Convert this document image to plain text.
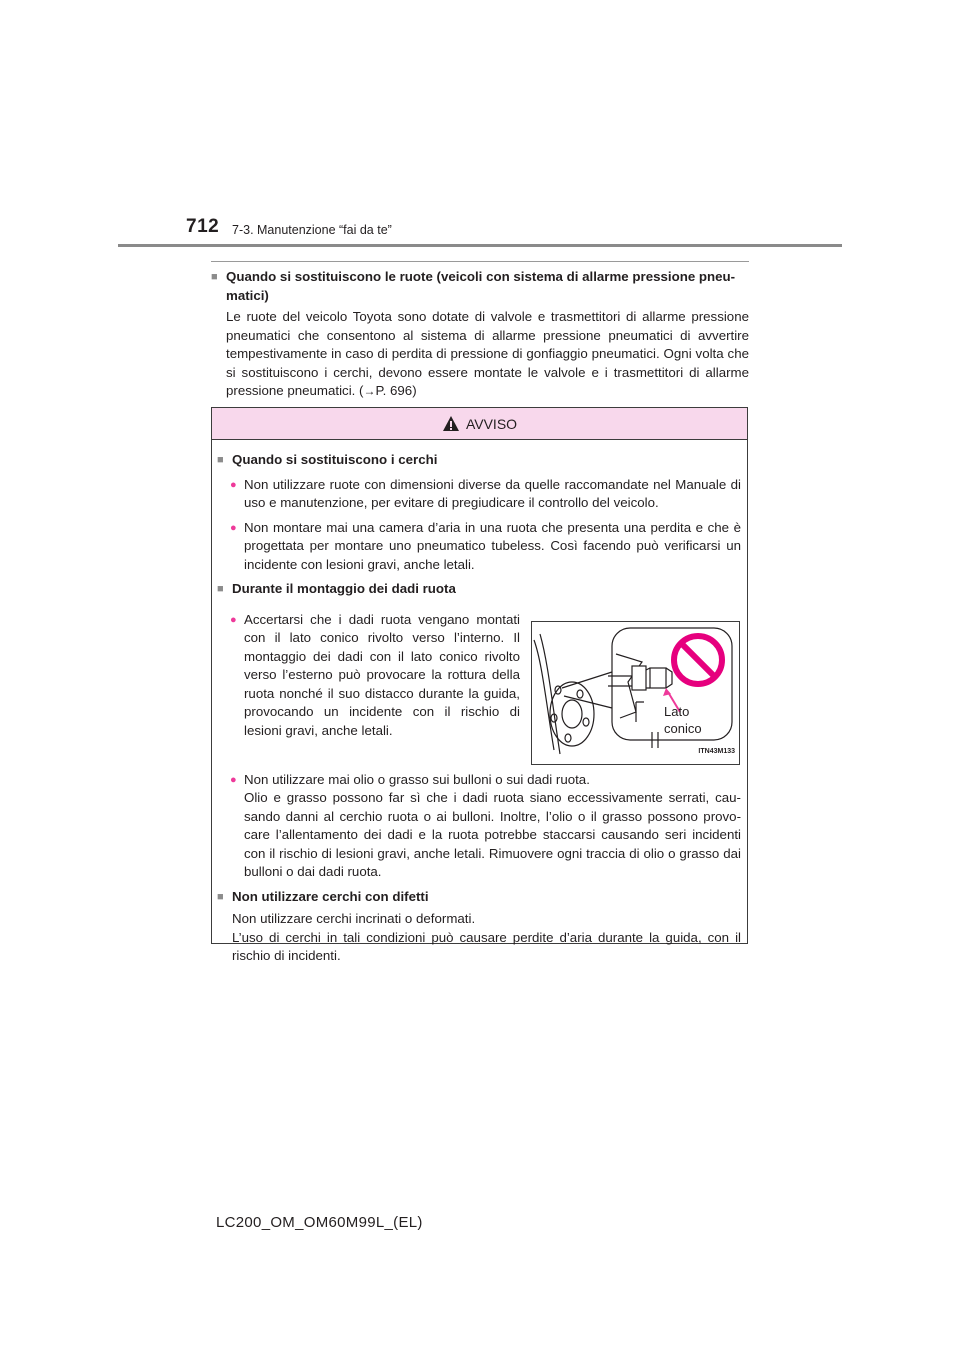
712 7-3. Manutenzione “fai da te”
■ Quando si sostituiscono le ruote (veicoli con sistema di allarme pressione pneu-matici)
Le ruote del veicolo Toyota sono dotate di valvole e trasmettitori di allarme pressione pneumatici che consentono al sistema di allarme pressione pneumatici di avvertire tempestivamente in caso di perdita di pressione di gonfiaggio pneumatici. Ogni volta che si sostituiscono i cerchi, devono essere montate le valvole e i trasmettitori di allarme pressione pneumatici. (→P. 696)
AVVISO
■ Quando si sostituiscono i cerchi
● Non utilizzare ruote con dimensioni diverse da quelle raccomandate nel Manuale di uso e manutenzione, per evitare di pregiudicare il controllo del veicolo.
● Non montare mai una camera d’aria in una ruota che presenta una perdita e che è progettata per montare uno pneumatico tubeless. Così facendo può verificarsi un incidente con lesioni gravi, anche letali.
■ Durante il montaggio dei dadi ruota
● Accertarsi che i dadi ruota vengano montati con il lato conico rivolto verso l’interno. Il montaggio dei dadi con il lato conico rivolto verso l’esterno può provocare la rottura della ruota nonché il suo distacco durante la guida, provocando un incidente con il rischio di lesioni gravi, anche letali.
Lato
conico
ITN43M133
● Non utilizzare mai olio o grasso sui bulloni o sui dadi ruota.

Olio e grasso possono far sì che i dadi ruota siano eccessivamente serrati, cau-sando danni al cerchio ruota o ai bulloni. Inoltre, l’olio o il grasso possono provo-care l’allentamento dei dadi e la ruota potrebbe staccarsi causando seri incidenti con il rischio di lesioni gravi, anche letali. Rimuovere ogni traccia di olio o grasso dai bulloni o dai dadi ruota.

■ Non utilizzare cerchi con difetti

Non utilizzare cerchi incrinati o deformati.

L’uso di cerchi in tali condizioni può causare perdite d’aria durante la guida, con il rischio di incidenti.

LC200_OM_OM60M99L_(EL)
